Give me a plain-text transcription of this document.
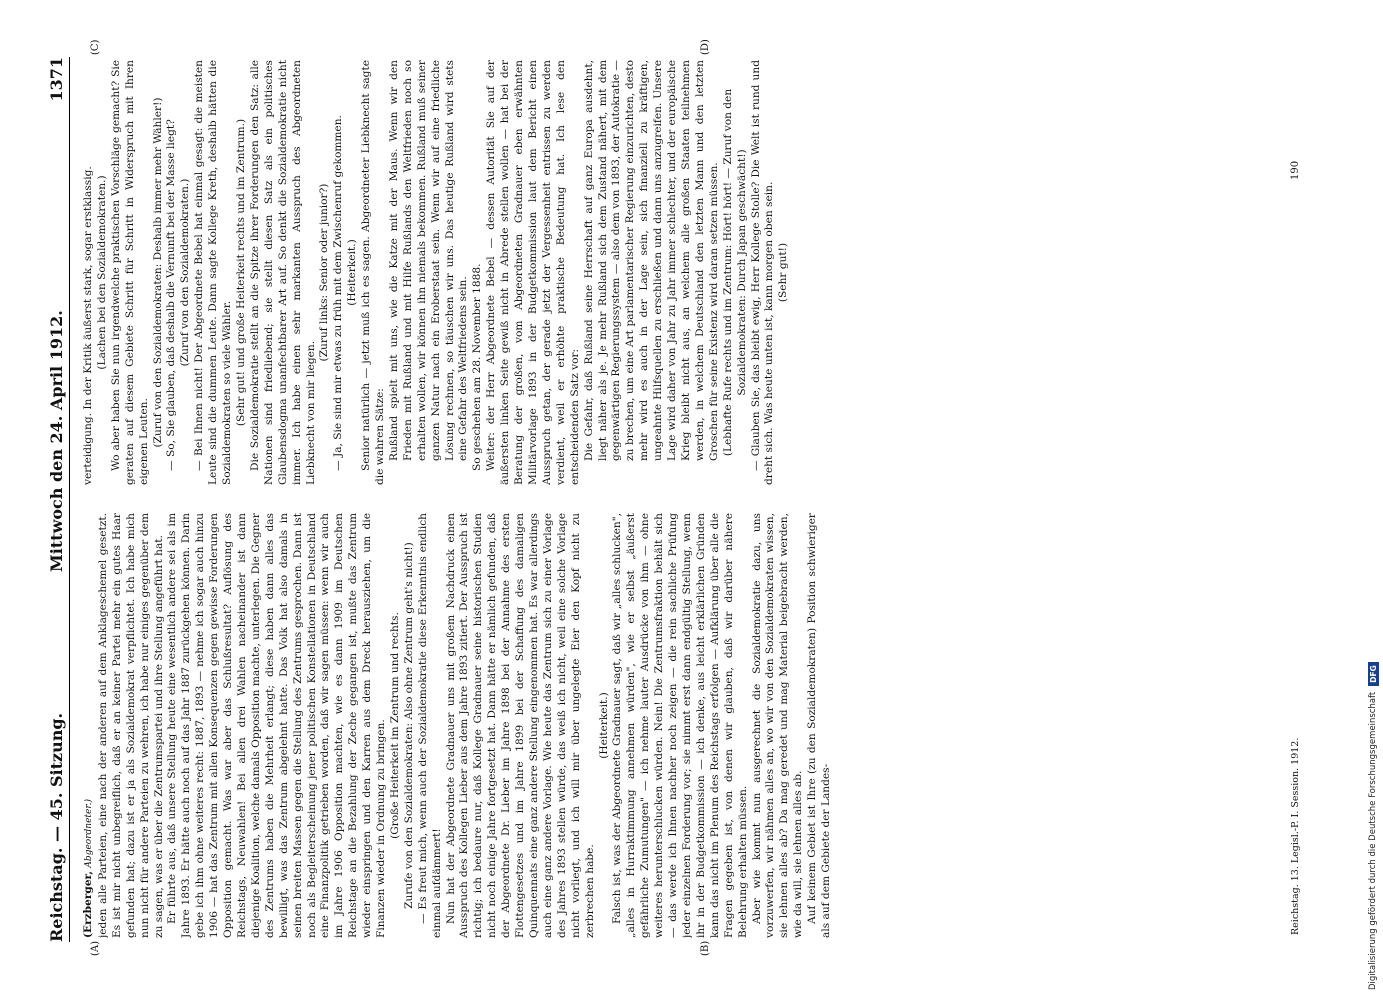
Reichstag. — 45. Sitzung.
Mittwoch den 24. April 1912.
1371
(A)	(B)
(C)	(D)

(Erzberger, Abgeordneter.) jeden alle Parteien, eine nach der anderen auf dem Anklageschemel gesetzt. Es ist mir nicht unbegreiflich, daß er an keiner Partei mehr ein gutes Haar gefunden hat; dazu ist er ja als Sozialdemokrat verpflichtet. Ich habe mich nun nicht für andere Parteien zu wehren, ich habe nur einiges gegenüber dem zu sagen, was er über die Zentrumspartei und ihre Stellung angeführt hat. Er führte aus, daß unsere Stellung heute eine wesentlich andere sei als im Jahre 1893. Er hätte auch noch auf das Jahr 1887 zurückgehen können. Darin gebe ich ihm ohne weiteres recht: 1887, 1893 — nehme ich sogar auch hinzu 1906 — hat das Zentrum mit allen Konsequenzen gegen gewisse Forderungen Opposition gemacht. Was war aber das Schlußresultat? Auflösung des Reichstags, Neuwahlen! Bei allen drei Wahlen nacheinander ist dann diejenige Koalition, welche damals Opposition machte, unterlegen. Die Gegner des Zentrums haben die Mehrheit erlangt; diese haben dann alles das bewilligt, was das Zentrum abgelehnt hatte. Das Volk hat also damals in seinen breiten Massen gegen die Stellung des Zentrums gesprochen. Dann ist noch als Begleiterscheinung jener politischen Konstellationen in Deutschland eine Finanzpolitik getrieben worden, daß wir sagen müssen: wenn wir auch im Jahre 1906 Opposition machten, wie es dann 1909 im Deutschen Reichstage an die Bezahlung der Zeche gegangen ist, mußte das Zentrum wieder einspringen und den Karren aus dem Dreck herausziehen, um die Finanzen wieder in Ordnung zu bringen. (Große Heiterkeit im Zentrum und rechts. Zurufe von den Sozialdemokraten: Also ohne Zentrum geht's nicht!) — Es freut mich, wenn auch der Sozialdemokratie diese Erkenntnis endlich einmal aufdämmert! Nun hat der Abgeordnete Gradnauer uns mit großem Nachdruck einen Ausspruch des Kollegen Lieber aus dem Jahre 1893 zitiert. Der Ausspruch ist richtig; ich bedaure nur, daß Kollege Gradnauer seine historischen Studien nicht noch einige Jahre fortgesetzt hat. Dann hätte er nämlich gefunden, daß der Abgeordnete Dr. Lieber im Jahre 1898 bei der Annahme des ersten Flottengesetzes und im Jahre 1899 bei der Schaffung des damaligen Quinquennats eine ganz andere Stellung eingenommen hat. Es war allerdings auch eine ganz andere Vorlage. Wie heute das Zentrum sich zu einer Vorlage des Jahres 1893 stellen würde, das weiß ich nicht, weil eine solche Vorlage nicht vorliegt, und ich will mir über ungelegte Eier den Kopf nicht zu zerbrechen habe.

(Heiterkeit.) Falsch ist, was der Abgeordnete Gradnauer sagt, daß wir „alles schlucken", „alles in Hurraktimmung annehmen würden", wie er selbst „äußerst gefährliche Zumutungen" — ich nehme lauter Ausdrücke von ihm — ohne weiteres herunterschlucken würden. Nein! Die Zentrumsfraktion behält sich — das werde ich Ihnen nachher noch zeigen — die rein sachliche Prüfung jeder einzelnen Forderung vor; sie nimmt erst dann endgültig Stellung, wenn ihr in der Budgetkommission — ich denke, aus leicht erklärlichen Gründen kann das nicht im Plenum des Reichstags erfolgen — Aufklärung über alle die Fragen gegeben ist, von denen wir glauben, daß wir darüber nähere Belehrung erhalten müssen. Aber wie kommt nun ausgerechnet die Sozialdemokratie dazu, uns vorzuwerfen, wir nähmen alles an, wo wir von den Sozialdemokraten wissen, sie lehnen alles ab? Da mag geredet und mag Material beigebracht werden, wie da will, sie lehnen alles ab. Auf keinem Gebiet ist Ihre (zu den Sozialdemokraten) Position schwieriger als auf dem Gebiete der Landes-

verteidigung. In der Kritik äußerst stark, sogar erstklassig. (Lachen bei den Sozialdemokraten.) Wo aber haben Sie nun irgendwelche praktischen Vorschläge gemacht? Sie geraten auf diesem Gebiete Schritt für Schritt in Widerspruch mit Ihren eigenen Leuten. (Zuruf von den Sozialdemokraten: Deshalb immer mehr Wähler!) — So, Sie glauben, daß deshalb die Vernunft bei der Masse liegt? (Zuruf von den Sozialdemokraten.) — Bei Ihnen nicht! Der Abgeordnete Bebel hat einmal gesagt: die meisten Leute sind die dummen Leute. Dann sagte Kollege Kreth, deshalb hätten die Sozialdemokraten so viele Wähler. (Sehr gut! und große Heiterkeit rechts und im Zentrum.) Die Sozialdemokratie stellt an die Spitze ihrer Forderungen den Satz: alle Nationen sind friedliebend; sie stellt diesen Satz als ein politisches Glaubensdogma unanfechtbarer Art auf. So denkt die Sozialdemokratie nicht immer. Ich habe einen sehr markanten Ausspruch des Abgeordneten Liebknecht von mir liegen.

(Zuruf links: Senior oder junior?) — Ja, Sie sind mir etwas zu früh mit dem Zwischenruf gekommen. (Heiterkeit.) Senior natürlich — jetzt muß ich es sagen. Abgeordneter Liebknecht sagte die wahren Sätze: Rußland spielt mit uns, wie die Katze mit der Maus. Wenn wir den Frieden mit Rußland und mit Hilfe Rußlands den Weltfrieden noch so erhalten wollen, wir können ihn niemals bekommen. Rußland muß seiner ganzen Natur nach ein Eroberstaat sein. Wenn wir auf eine friedliche Lösung rechnen, so täuschen wir uns. Das heutige Rußland wird stets eine Gefahr des Weltfriedens sein. So geschehen am 28. November 1888. Weiter: der Herr Abgeordnete Bebel — dessen Autorität Sie auf der äußersten linken Seite gewiß nicht in Abrede stellen wollen — hat bei der Beratung der großen, vom Abgeordneten Gradnauer eben erwähnten Militärvorlage 1893 in der Budgetkommission laut dem Bericht einen Ausspruch getan, der gerade jetzt der Vergessenheit entrissen zu werden verdient, weil er erhöhte praktische Bedeutung hat. Ich lese den entscheidenden Satz vor: Die Gefahr, daß Rußland seine Herrschaft auf ganz Europa ausdehnt, liegt näher als je. Je mehr Rußland sich dem Zustand nähert, mit dem gegenwärtigen Regierungssystem — also dem von 1893, der Autokratie — zu brechen, um eine Art parlamentarischer Regierung einzurichten, desto mehr wird es auch in der Lage sein, sich finanziell zu kräftigen, ungeahnte Hilfsquellen zu erschließen und dann uns anzugreifen. Unsere Lage wird daher von Jahr zu Jahr immer schlechter, und der europäische Krieg bleibt nicht aus, an welchem alle großen Staaten teilnehmen werden, in welchem Deutschland den letzten Mann und den letzten Groschen für seine Existenz wird daran setzen müssen. (Lebhafte Rufe rechts und im Zentrum: Hört! hört! — Zuruf von den Sozialdemokraten: Durch Japan geschwächt!) — Glauben Sie, das bleibt ewig, Herr Kollege Stolle? Die Welt ist rund und dreht sich. Was heute unten ist, kann morgen oben sein. (Sehr gut!)

Reichstag. 13. Legisl.-P. I. Session. 1912.
190
Digitalisierung gefördert durch die Deutsche Forschungsgemeinschaft
DFG
